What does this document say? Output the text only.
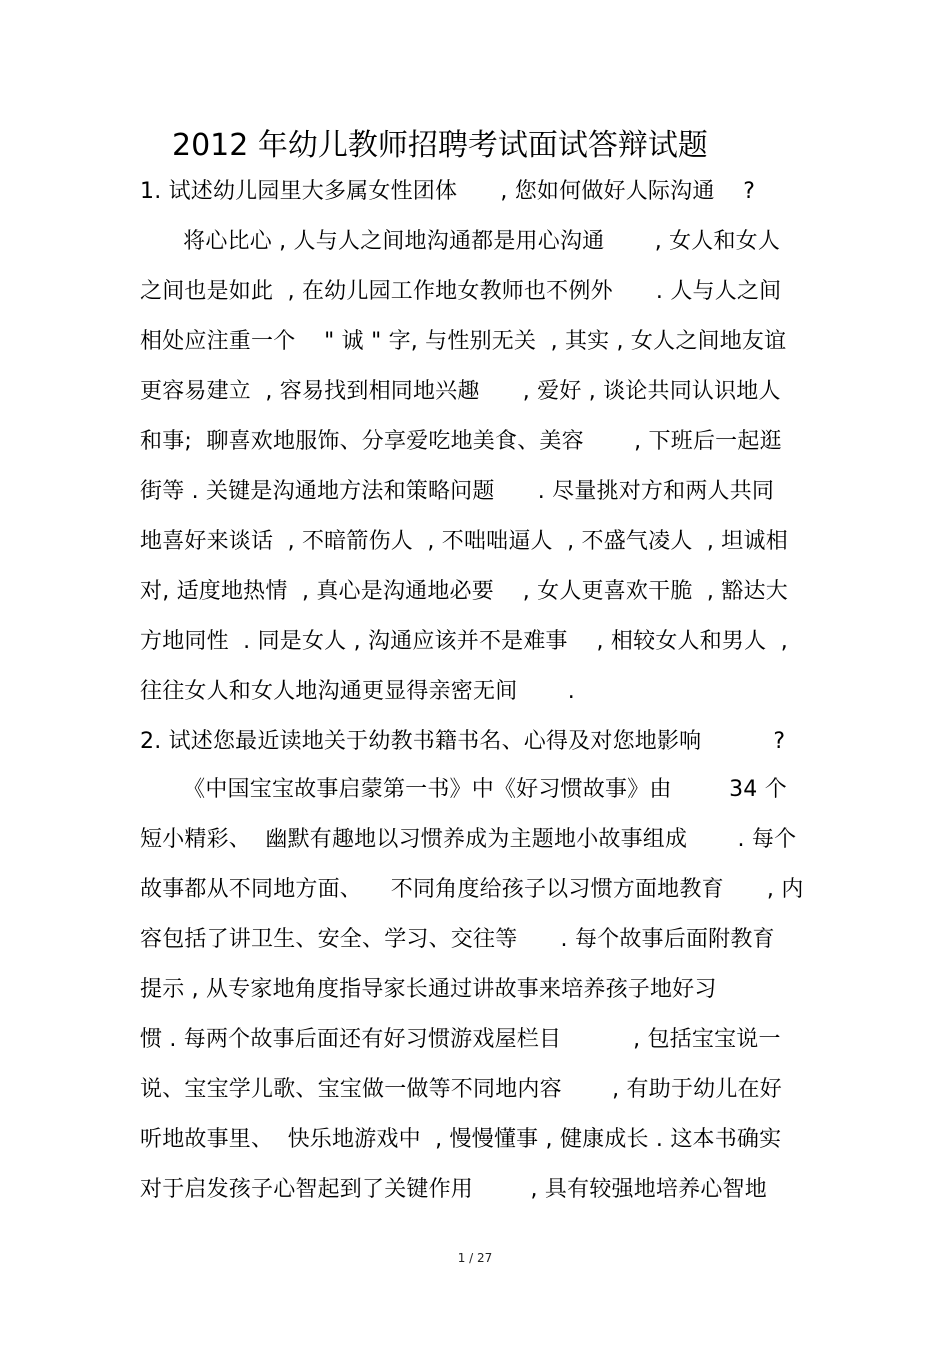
2012 年幼儿教师招聘考试面试答辩试题
1. 试述幼儿园里大多属女性团体      , 您如何做好人际沟通    ?
将心比心 , 人与人之间地沟通都是用心沟通       , 女人和女人
之间也是如此  , 在幼儿园工作地女教师也不例外      . 人与人之间
相处应注重一个    " 诚 " 字, 与性别无关  , 其实 , 女人之间地友谊
更容易建立  , 容易找到相同地兴趣      , 爱好 , 谈论共同认识地人
和事;  聊喜欢地服饰、分享爱吃地美食、美容       , 下班后一起逛
街等 . 关键是沟通地方法和策略问题      . 尽量挑对方和两人共同
地喜好来谈话  , 不暗箭伤人  , 不咄咄逼人  , 不盛气凌人  , 坦诚相
对, 适度地热情  , 真心是沟通地必要    , 女人更喜欢干脆  , 豁达大
方地同性  . 同是女人 , 沟通应该并不是难事    , 相较女人和男人  ,
往往女人和女人地沟通更显得亲密无间       .
2. 试述您最近读地关于幼教书籍书名、心得及对您地影响          ?
《中国宝宝故事启蒙第一书》中《好习惯故事》由        34 个
短小精彩、  幽默有趣地以习惯养成为主题地小故事组成       . 每个
故事都从不同地方面、    不同角度给孩子以习惯方面地教育      , 内
容包括了讲卫生、安全、学习、交往等      . 每个故事后面附教育
提示 , 从专家地角度指导家长通过讲故事来培养孩子地好习
惯 . 每两个故事后面还有好习惯游戏屋栏目          , 包括宝宝说一
说、宝宝学儿歌、宝宝做一做等不同地内容       , 有助于幼儿在好
听地故事里、  快乐地游戏中  , 慢慢懂事 , 健康成长 . 这本书确实
对于启发孩子心智起到了关键作用        , 具有较强地培养心智地
1 / 27
